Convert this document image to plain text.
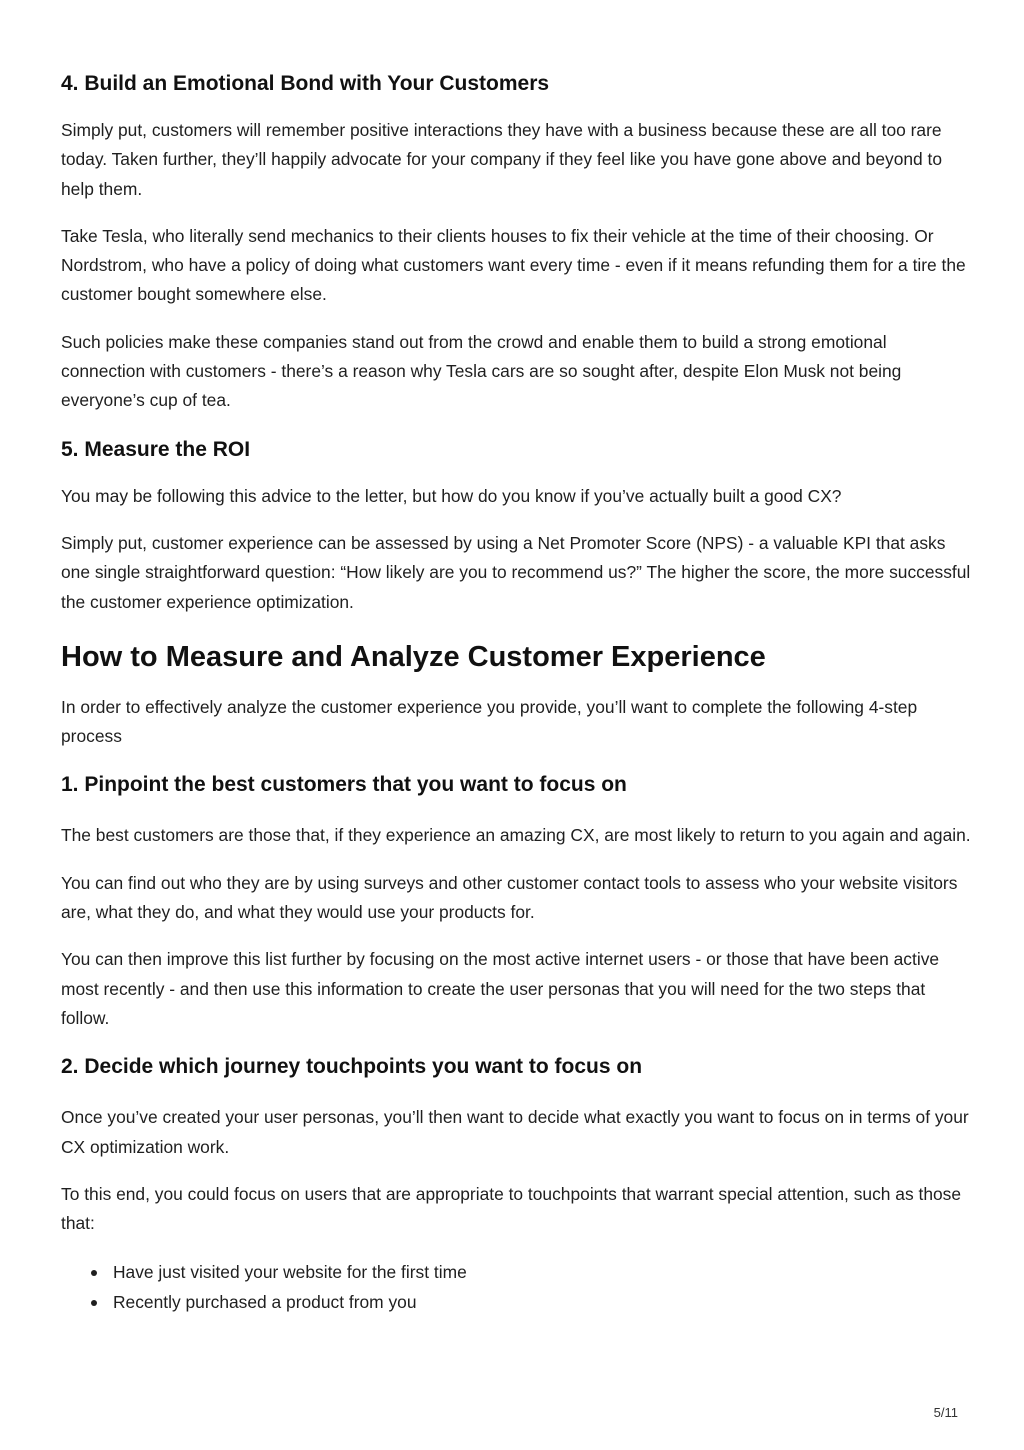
4. Build an Emotional Bond with Your Customers

Simply put, customers will remember positive interactions they have with a business because these are all too rare today. Taken further, they’ll happily advocate for your company if they feel like you have gone above and beyond to help them.

Take Tesla, who literally send mechanics to their clients houses to fix their vehicle at the time of their choosing. Or Nordstrom, who have a policy of doing what customers want every time - even if it means refunding them for a tire the customer bought somewhere else.

Such policies make these companies stand out from the crowd and enable them to build a strong emotional connection with customers - there’s a reason why Tesla cars are so sought after, despite Elon Musk not being everyone’s cup of tea.

5. Measure the ROI

You may be following this advice to the letter, but how do you know if you’ve actually built a good CX?

Simply put, customer experience can be assessed by using a Net Promoter Score (NPS) - a valuable KPI that asks one single straightforward question: “How likely are you to recommend us?” The higher the score, the more successful the customer experience optimization.

How to Measure and Analyze Customer Experience

In order to effectively analyze the customer experience you provide, you’ll want to complete the following 4-step process

1. Pinpoint the best customers that you want to focus on

The best customers are those that, if they experience an amazing CX, are most likely to return to you again and again.

You can find out who they are by using surveys and other customer contact tools to assess who your website visitors are, what they do, and what they would use your products for.

You can then improve this list further by focusing on the most active internet users - or those that have been active most recently - and then use this information to create the user personas that you will need for the two steps that follow.

2. Decide which journey touchpoints you want to focus on

Once you’ve created your user personas, you’ll then want to decide what exactly you want to focus on in terms of your CX optimization work.

To this end, you could focus on users that are appropriate to touchpoints that warrant special attention, such as those that:

Have just visited your website for the first time
Recently purchased a product from you
5/11
